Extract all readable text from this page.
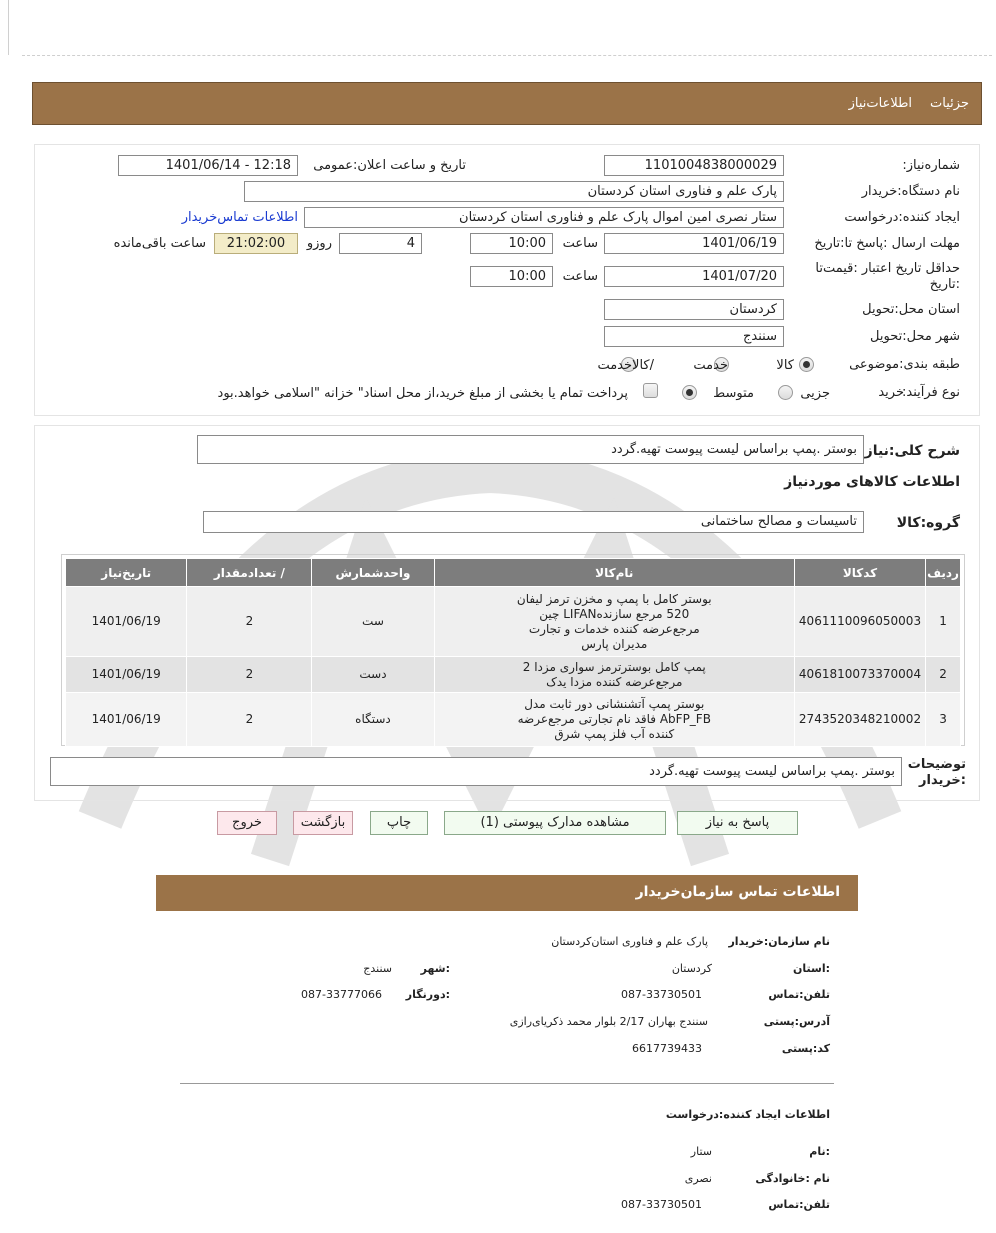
جزئیات
اطلاعات‌نیاز
شماره‌نیاز:
1101004838000029
تاریخ و ساعت اعلان:عمومی
1401/06/14 - 12:18
نام دستگاه:خریدار
پارک علم و فناوری استان کردستان
ایجاد کننده:درخواست
ستار نصری امین اموال پارک علم و فناوری استان کردستان
اطلاعات تماس‌خریدار
مهلت ارسال :پاسخ تا:تاریخ
1401/06/19
ساعت
10:00
4
روزو
21:02:00
ساعت باقی‌مانده
حداقل تاریخ اعتبار :قیمت‌تا :تاریخ
1401/07/20
ساعت
10:00
استان محل:تحویل
کردستان
شهر محل:تحویل
سنندج
طبقه بندی:موضوعی

کالا

خدمت

/کالاخدمت
نوع فرآیند:
خرید

جزیی
متوسط
پرداخت تمام یا بخشی از مبلغ خرید،از محل اسناد" خزانه "اسلامی خواهد.بود
شرح کلی:نیاز
بوستر .پمپ براساس لیست پیوست تهیه.گردد
اطلاعات کالاهای موردنیاز
گروه:کالا
تاسیسات و مصالح ساختمانی
ردیف	کدکالا	نام‌کالا	واحدشمارش	/ تعدادمقدار	تاریخ‌نیاز
1	4061110096050003	بوستر کامل با پمپ و مخزن ترمز لیفان 520 مرجع سازندهLIFAN چین مرجع‌عرضه کننده خدمات و تجارت مدیران پارس	ست	2	1401/06/19
2	4061810073370004	پمپ کامل بوستر‌ترمز سواری مزدا 2 مرجع‌عرضه کننده مزدا یدک	دست	2	1401/06/19
3	2743520348210002	بوستر پمپ آتشنشانی دور ثابت مدل AbFP_FB فاقد نام تجارتی مرجع‌عرضه کننده آب فلز پمپ شرق	دستگاه	2	1401/06/19
توضیحات :خریدار
بوستر .پمپ براساس لیست پیوست تهیه.گردد
پاسخ به نیاز
مشاهده مدارک پیوستی (1)
چاپ
بازگشت
خروج
اطلاعات تماس سازمان‌خریدار
نام سازمان:خریدار
پارک علم و فناوری استان‌کردستان
:استان
کردستان
:شهر
سنندج
تلفن:تماس
087-33730501
:دورنگار
087-33777066
آدرس:پستی
سنندج بهاران 2/17 بلوار محمد ذکریای‌رازی
کد:پستی
6617739433
اطلاعات ایجاد کننده:درخواست
:نام
ستار
نام :خانوادگی
نصری
تلفن:تماس
087-33730501
